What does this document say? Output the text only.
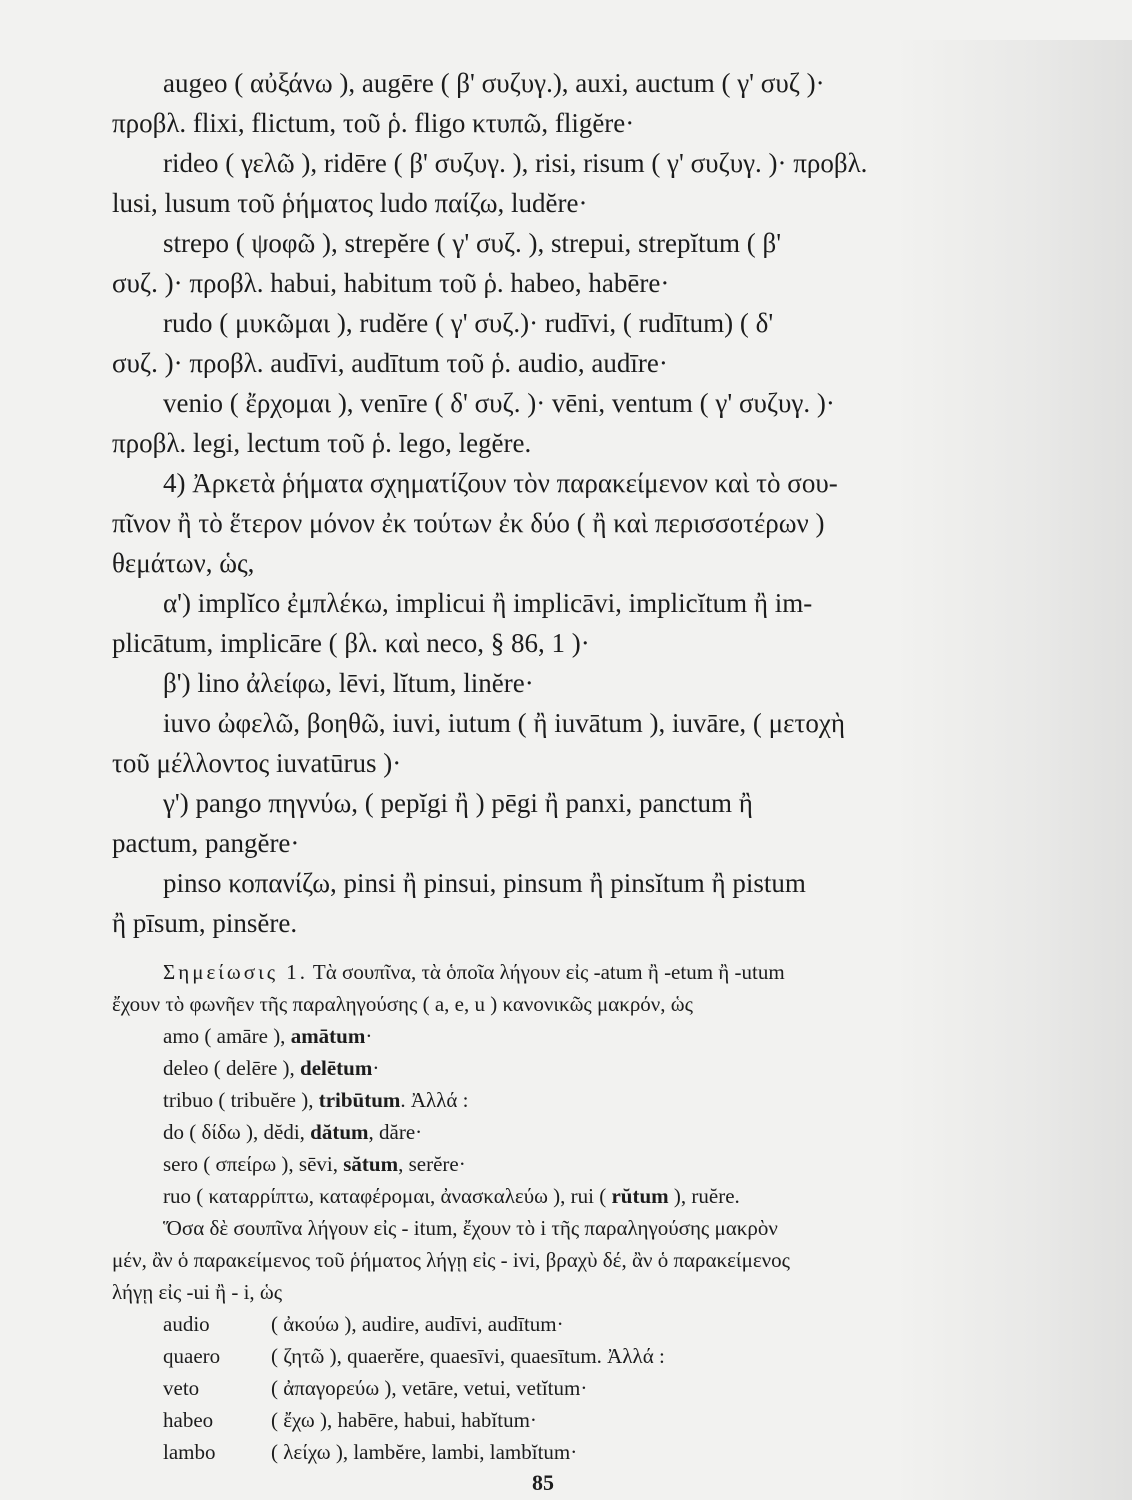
augeo ( αὐξάνω ), augēre ( β' συζυγ.), auxi, auctum ( γ' συζ )·
προβλ. flixi, flictum, τοῦ ῥ. fligo κτυπῶ, fligĕre·
rideo ( γελῶ ), ridēre ( β' συζυγ. ), risi, risum ( γ' συζυγ. )· προβλ.
lusi, lusum τοῦ ῥήματος ludo παίζω, ludĕre·
strepo ( ψοφῶ ), strepĕre ( γ' συζ. ), strepui, strepĭtum ( β'
συζ. )· προβλ. habui, habitum τοῦ ῥ. habeo, habēre·
rudo ( μυκῶμαι ), rudĕre ( γ' συζ.)· rudīvi, ( rudītum) ( δ'
συζ. )· προβλ. audīvi, audītum τοῦ ῥ. audio, audīre·
venio ( ἔρχομαι ), venīre ( δ' συζ. )· vēni, ventum ( γ' συζυγ. )·
προβλ. legi, lectum τοῦ ῥ. lego, legĕre.
4) Ἀρκετὰ ῥήματα σχηματίζουν τὸν παρακείμενον καὶ τὸ σου-
πῖνον ἢ τὸ ἕτερον μόνον ἐκ τούτων ἐκ δύο ( ἢ καὶ περισσοτέρων )
θεμάτων, ὡς,
α') implĭco ἐμπλέκω, implicui ἢ implicāvi, implicĭtum ἢ im-
plicātum, implicāre ( βλ. καὶ neco, § 86, 1 )·
β') lino ἀλείφω, lēvi, lĭtum, linĕre·
iuvo ὠφελῶ, βοηθῶ, iuvi, iutum ( ἢ iuvātum ), iuvāre, ( μετοχὴ
τοῦ μέλλοντος iuvatūrus )·
γ') pango πηγνύω, ( pepĭgi ἢ ) pēgi ἢ panxi, panctum ἢ
pactum, pangĕre·
pinso κοπανίζω, pinsi ἢ pinsui, pinsum ἢ pinsĭtum ἢ pistum
ἢ pīsum, pinsĕre.
Σημείωσις 1. Τὰ σουπῖνα, τὰ ὁποῖα λήγουν εἰς -atum ἢ -etum ἢ -utum
ἔχουν τὸ φωνῆεν τῆς παραληγούσης ( a, e, u ) κανονικῶς μακρόν, ὡς
amo ( amāre ), amātum·
deleo ( delēre ), delētum·
tribuo ( tribuĕre ), tribūtum. Ἀλλά :
do ( δίδω ), dĕdi, dătum, dăre·
sero ( σπείρω ), sēvi, sătum, serĕre·
ruo ( καταρρίπτω, καταφέρομαι, ἀνασκαλεύω ), rui ( rŭtum ), ruĕre.
Ὅσα δὲ σουπῖνα λήγουν εἰς - itum, ἔχουν τὸ i τῆς παραληγούσης μακρὸν
μέν, ἂν ὁ παρακείμενος τοῦ ῥήματος λήγῃ εἰς - ivi, βραχὺ δέ, ἂν ὁ παρακείμενος
λήγῃ εἰς -ui ἢ - i, ὡς
audio	( ἀκούω ), audire, audīvi, audītum·
quaero ( ζητῶ ), quaerĕre, quaesīvi, quaesītum. Ἀλλά :
veto	( ἀπαγορεύω ), vetāre, vetui, vetĭtum·
habeo	( ἔχω ), habēre, habui, habĭtum·
lambo	( λείχω ), lambĕre, lambi, lambĭtum·
85
